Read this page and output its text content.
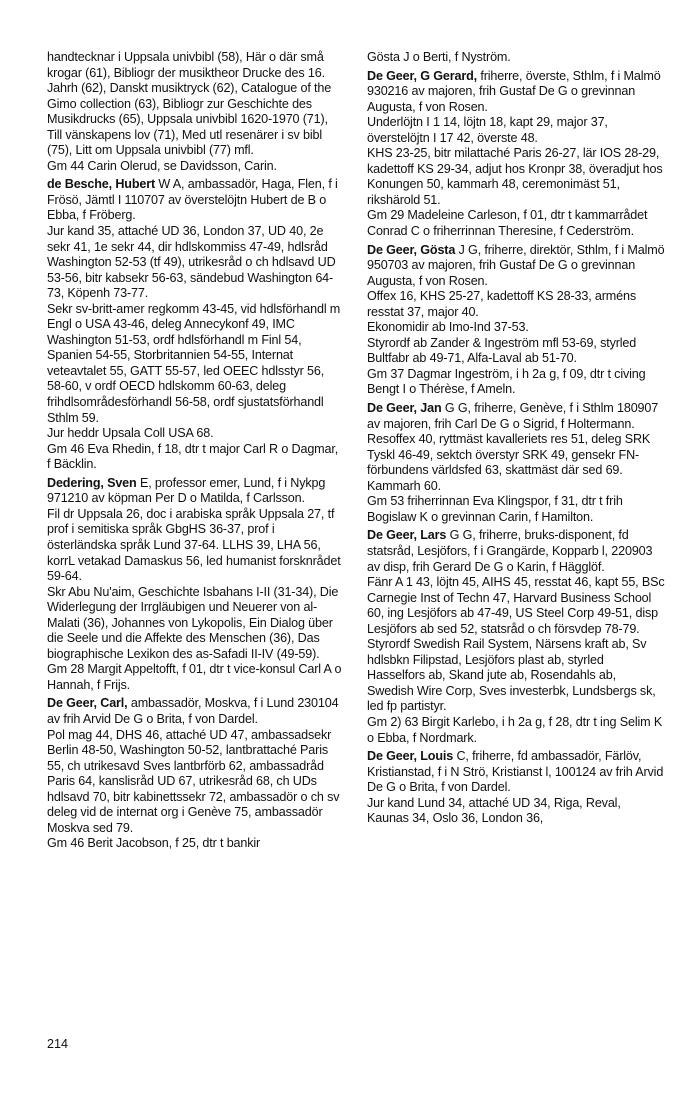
handtecknar i Uppsala univbibl (58), Här o där små krogar (61), Bibliogr der musiktheor Drucke des 16. Jahrh (62), Danskt musiktryck (62), Catalogue of the Gimo collection (63), Bibliogr zur Geschichte des Musikdrucks (65), Uppsala univbibl 1620-1970 (71), Till vänskapens lov (71), Med utl resenärer i sv bibl (75), Litt om Uppsala univbibl (77) mfl.

Gm 44 Carin Olerud, se Davidsson, Carin.

de Besche, Hubert W A, ambassadör, Haga, Flen, f i Frösö, Jämtl I 110707 av överstelöjtn Hubert de B o Ebba, f Fröberg.

Jur kand 35, attaché UD 36, London 37, UD 40, 2e sekr 41, 1e sekr 44, dir hdlskommiss 47-49, hdlsråd Washington 52-53 (tf 49), utrikesråd o ch hdlsavd UD 53-56, bitr kabsekr 56-63, sändebud Washington 64-73, Köpenh 73-77.

Sekr sv-britt-amer regkomm 43-45, vid hdlsförhandl m Engl o USA 43-46, deleg Annecykonf 49, IMC Washington 51-53, ordf hdlsförhandl m Finl 54, Spanien 54-55, Storbritannien 54-55, Internat veteavtalet 55, GATT 55-57, led OEEC hdlsstyr 56, 58-60, v ordf OECD hdlskomm 60-63, deleg frihdlsområdesförhandl 56-58, ordf sjustatsförhandl Sthlm 59.

Jur heddr Upsala Coll USA 68.

Gm 46 Eva Rhedin, f 18, dtr t major Carl R o Dagmar, f Bäcklin.

Dedering, Sven E, professor emer, Lund, f i Nykpg 971210 av köpman Per D o Matilda, f Carlsson.

Fil dr Uppsala 26, doc i arabiska språk Uppsala 27, tf prof i semitiska språk GbgHS 36-37, prof i österländska språk Lund 37-64. LLHS 39, LHA 56, korrL vetakad Damaskus 56, led humanist forsknrådet 59-64.

Skr Abu Nu'aim, Geschichte Isbahans I-II (31-34), Die Widerlegung der Irrgläubigen und Neuerer von al-Malati (36), Johannes von Lykopolis, Ein Dialog über die Seele und die Affekte des Menschen (36), Das biographische Lexikon des as-Safadi II-IV (49-59).

Gm 28 Margit Appeltofft, f 01, dtr t vice-konsul Carl A o Hannah, f Frijs.

De Geer, Carl, ambassadör, Moskva, f i Lund 230104 av frih Arvid De G o Brita, f von Dardel.

Pol mag 44, DHS 46, attaché UD 47, ambassadsekr Berlin 48-50, Washington 50-52, lantbrattaché Paris 55, ch utrikesavd Sves lantbrförb 62, ambassadråd Paris 64, kanslisråd UD 67, utrikesråd 68, ch UDs hdlsavd 70, bitr kabinettssekr 72, ambassadör o ch sv deleg vid de internat org i Genève 75, ambassadör Moskva sed 79.

Gm 46 Berit Jacobson, f 25, dtr t bankir

Gösta J o Berti, f Nyström.

De Geer, G Gerard, friherre, överste, Sthlm, f i Malmö 930216 av majoren, frih Gustaf De G o grevinnan Augusta, f von Rosen.

Underlöjtn I 1 14, löjtn 18, kapt 29, major 37, överstelöjtn I 17 42, överste 48.

KHS 23-25, bitr milattaché Paris 26-27, lär IOS 28-29, kadettoff KS 29-34, adjut hos Kronpr 38, överadjut hos Konungen 50, kammarh 48, ceremonimäst 51, rikshärold 51.

Gm 29 Madeleine Carleson, f 01, dtr t kammarrådet Conrad C o friherrinnan Theresine, f Cederström.

De Geer, Gösta J G, friherre, direktör, Sthlm, f i Malmö 950703 av majoren, frih Gustaf De G o grevinnan Augusta, f von Rosen.

Offex 16, KHS 25-27, kadettoff KS 28-33, arméns resstat 37, major 40.

Ekonomidir ab Imo-Ind 37-53.

Styrordf ab Zander & Ingeström mfl 53-69, styrled Bultfabr ab 49-71, Alfa-Laval ab 51-70.

Gm 37 Dagmar Ingeström, i h 2a g, f 09, dtr t civing Bengt I o Thérèse, f Ameln.

De Geer, Jan G G, friherre, Genève, f i Sthlm 180907 av majoren, frih Carl De G o Sigrid, f Holtermann.

Resoffex 40, ryttmäst kavalleriets res 51, deleg SRK Tyskl 46-49, sektch överstyr SRK 49, gensekr FN-förbundens världsfed 63, skattmäst där sed 69.

Kammarh 60.

Gm 53 friherrinnan Eva Klingspor, f 31, dtr t frih Bogislaw K o grevinnan Carin, f Hamilton.

De Geer, Lars G G, friherre, bruks-disponent, fd statsråd, Lesjöfors, f i Grangärde, Kopparb l, 220903 av disp, frih Gerard De G o Karin, f Hägglöf.

Fänr A 1 43, löjtn 45, AIHS 45, resstat 46, kapt 55, BSc Carnegie Inst of Techn 47, Harvard Business School 60, ing Lesjöfors ab 47-49, US Steel Corp 49-51, disp Lesjöfors ab sed 52, statsråd o ch försvdep 78-79.

Styrordf Swedish Rail System, Närsens kraft ab, Sv hdlsbkn Filipstad, Lesjöfors plast ab, styrled Hasselfors ab, Skand jute ab, Rosendahls ab, Swedish Wire Corp, Sves investerbk, Lundsbergs sk, led fp partistyr.

Gm 2) 63 Birgit Karlebo, i h 2a g, f 28, dtr t ing Selim K o Ebba, f Nordmark.

De Geer, Louis C, friherre, fd ambassadör, Färlöv, Kristianstad, f i N Strö, Kristianst l, 100124 av frih Arvid De G o Brita, f von Dardel.

Jur kand Lund 34, attaché UD 34, Riga, Reval, Kaunas 34, Oslo 36, London 36,

214
